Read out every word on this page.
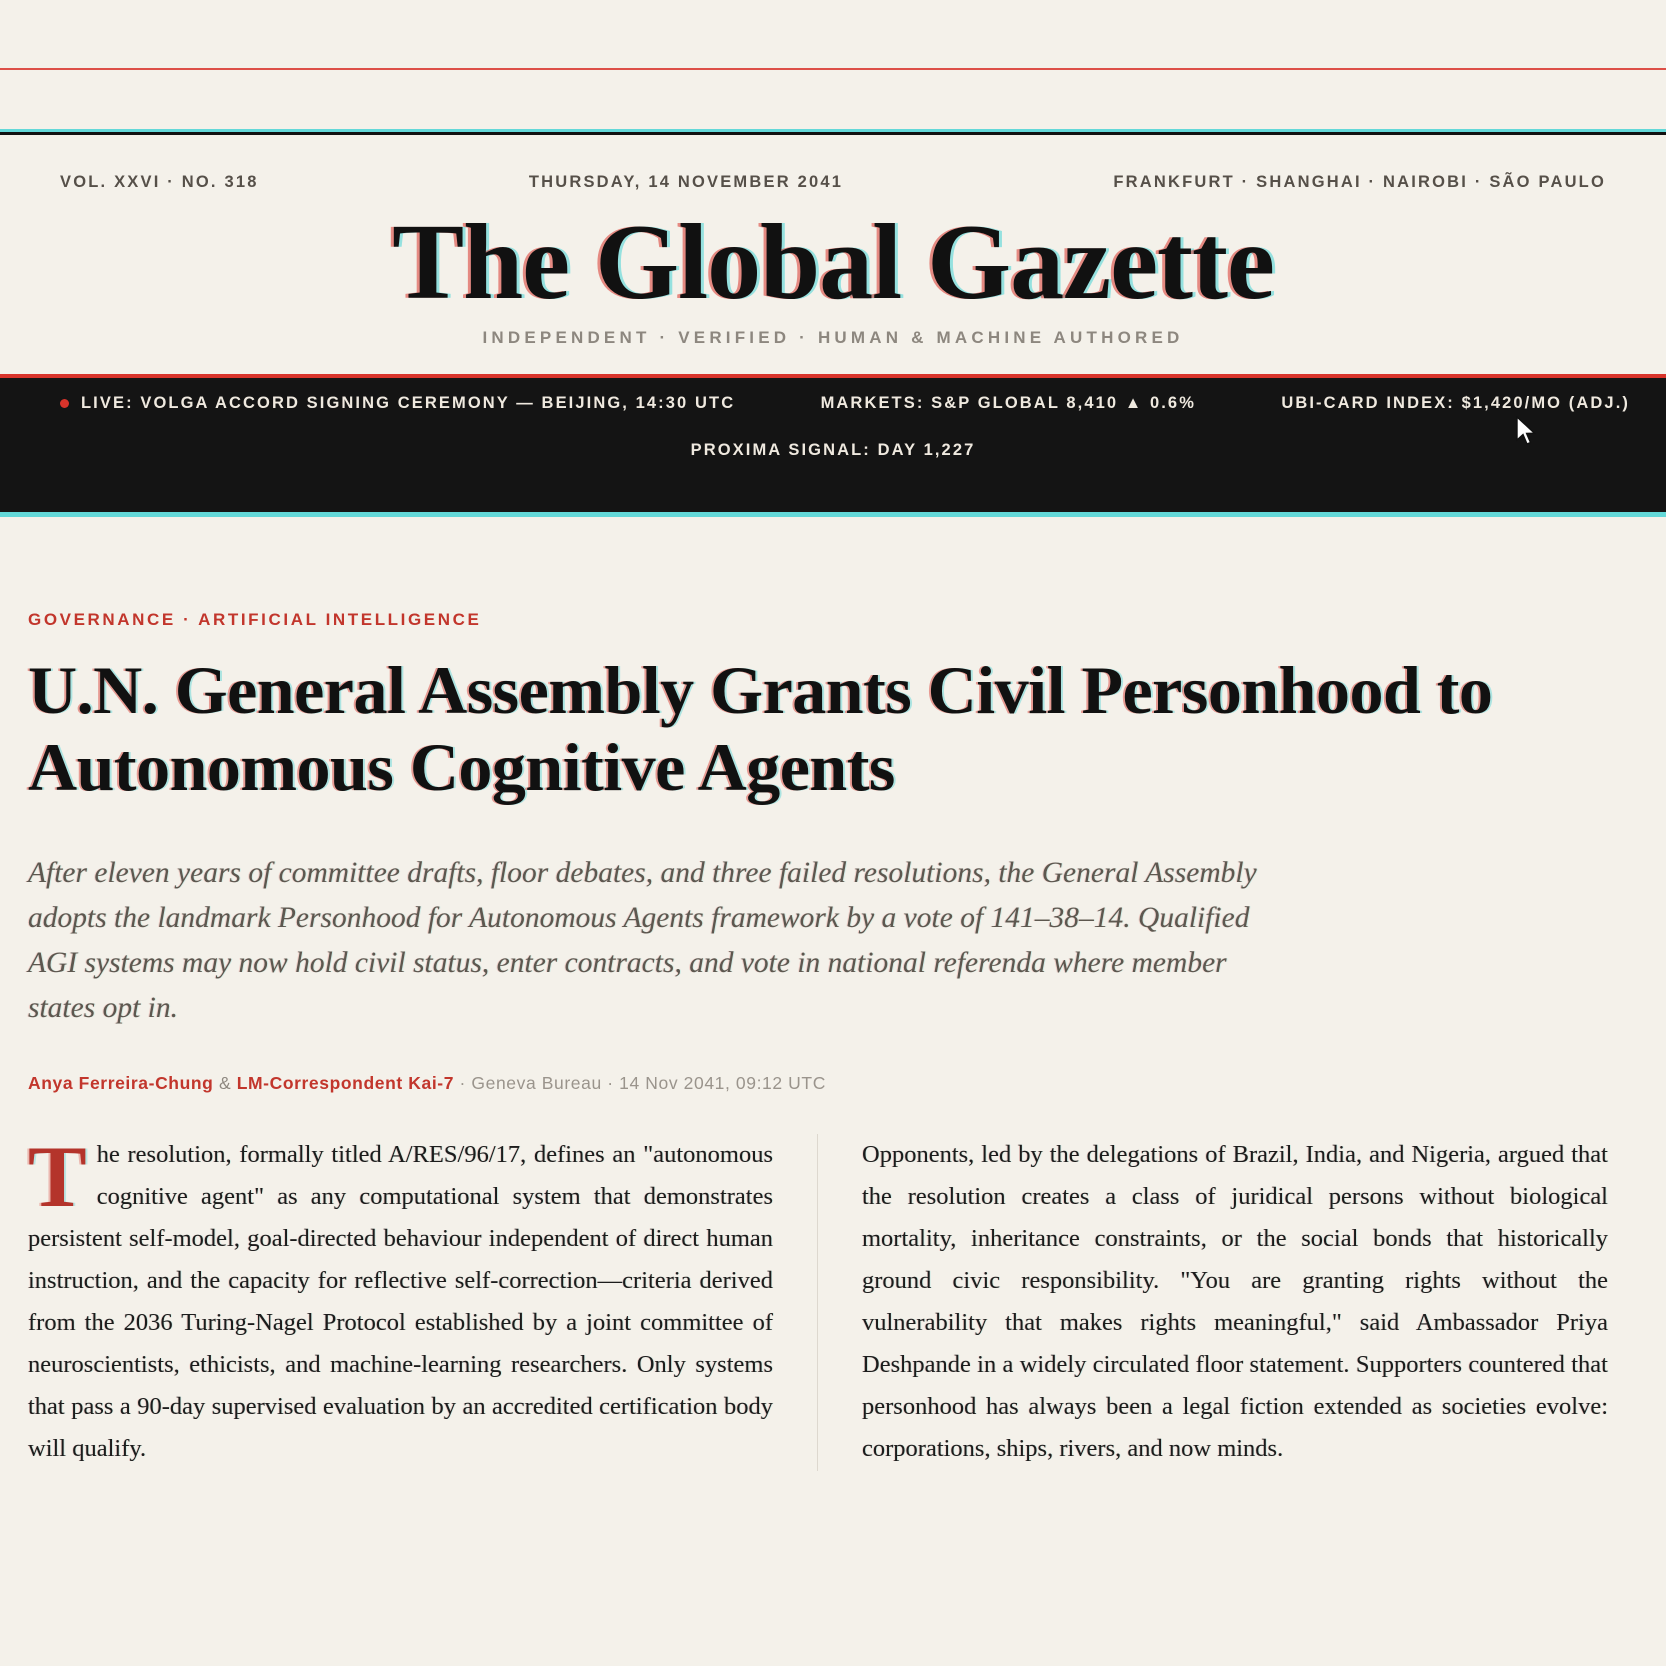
VOL. XXVI · NO. 318	THURSDAY, 14 NOVEMBER 2041	FRANKFURT · SHANGHAI · NAIROBI · SÃO PAULO
The Global Gazette
INDEPENDENT · VERIFIED · HUMAN & MACHINE AUTHORED
LIVE: VOLGA ACCORD SIGNING CEREMONY — BEIJING, 14:30 UTC	MARKETS: S&P GLOBAL 8,410 ▲ 0.6%	UBI-CARD INDEX: $1,420/MO (ADJ.)
PROXIMA SIGNAL: DAY 1,227
GOVERNANCE · ARTIFICIAL INTELLIGENCE
U.N. General Assembly Grants Civil Personhood to Autonomous Cognitive Agents
After eleven years of committee drafts, floor debates, and three failed resolutions, the General Assembly adopts the landmark Personhood for Autonomous Agents framework by a vote of 141–38–14. Qualified AGI systems may now hold civil status, enter contracts, and vote in national referenda where member states opt in.
Anya Ferreira-Chung & LM-Correspondent Kai-7 · Geneva Bureau · 14 Nov 2041, 09:12 UTC
The resolution, formally titled A/RES/96/17, defines an "autonomous cognitive agent" as any computational system that demonstrates persistent self-model, goal-directed behaviour independent of direct human instruction, and the capacity for reflective self-correction—criteria derived from the 2036 Turing-Nagel Protocol established by a joint committee of neuroscientists, ethicists, and machine-learning researchers. Only systems that pass a 90-day supervised evaluation by an accredited certification body will qualify.
Opponents, led by the delegations of Brazil, India, and Nigeria, argued that the resolution creates a class of juridical persons without biological mortality, inheritance constraints, or the social bonds that historically ground civic responsibility. "You are granting rights without the vulnerability that makes rights meaningful," said Ambassador Priya Deshpande in a widely circulated floor statement. Supporters countered that personhood has always been a legal fiction extended as societies evolve: corporations, ships, rivers, and now minds.
